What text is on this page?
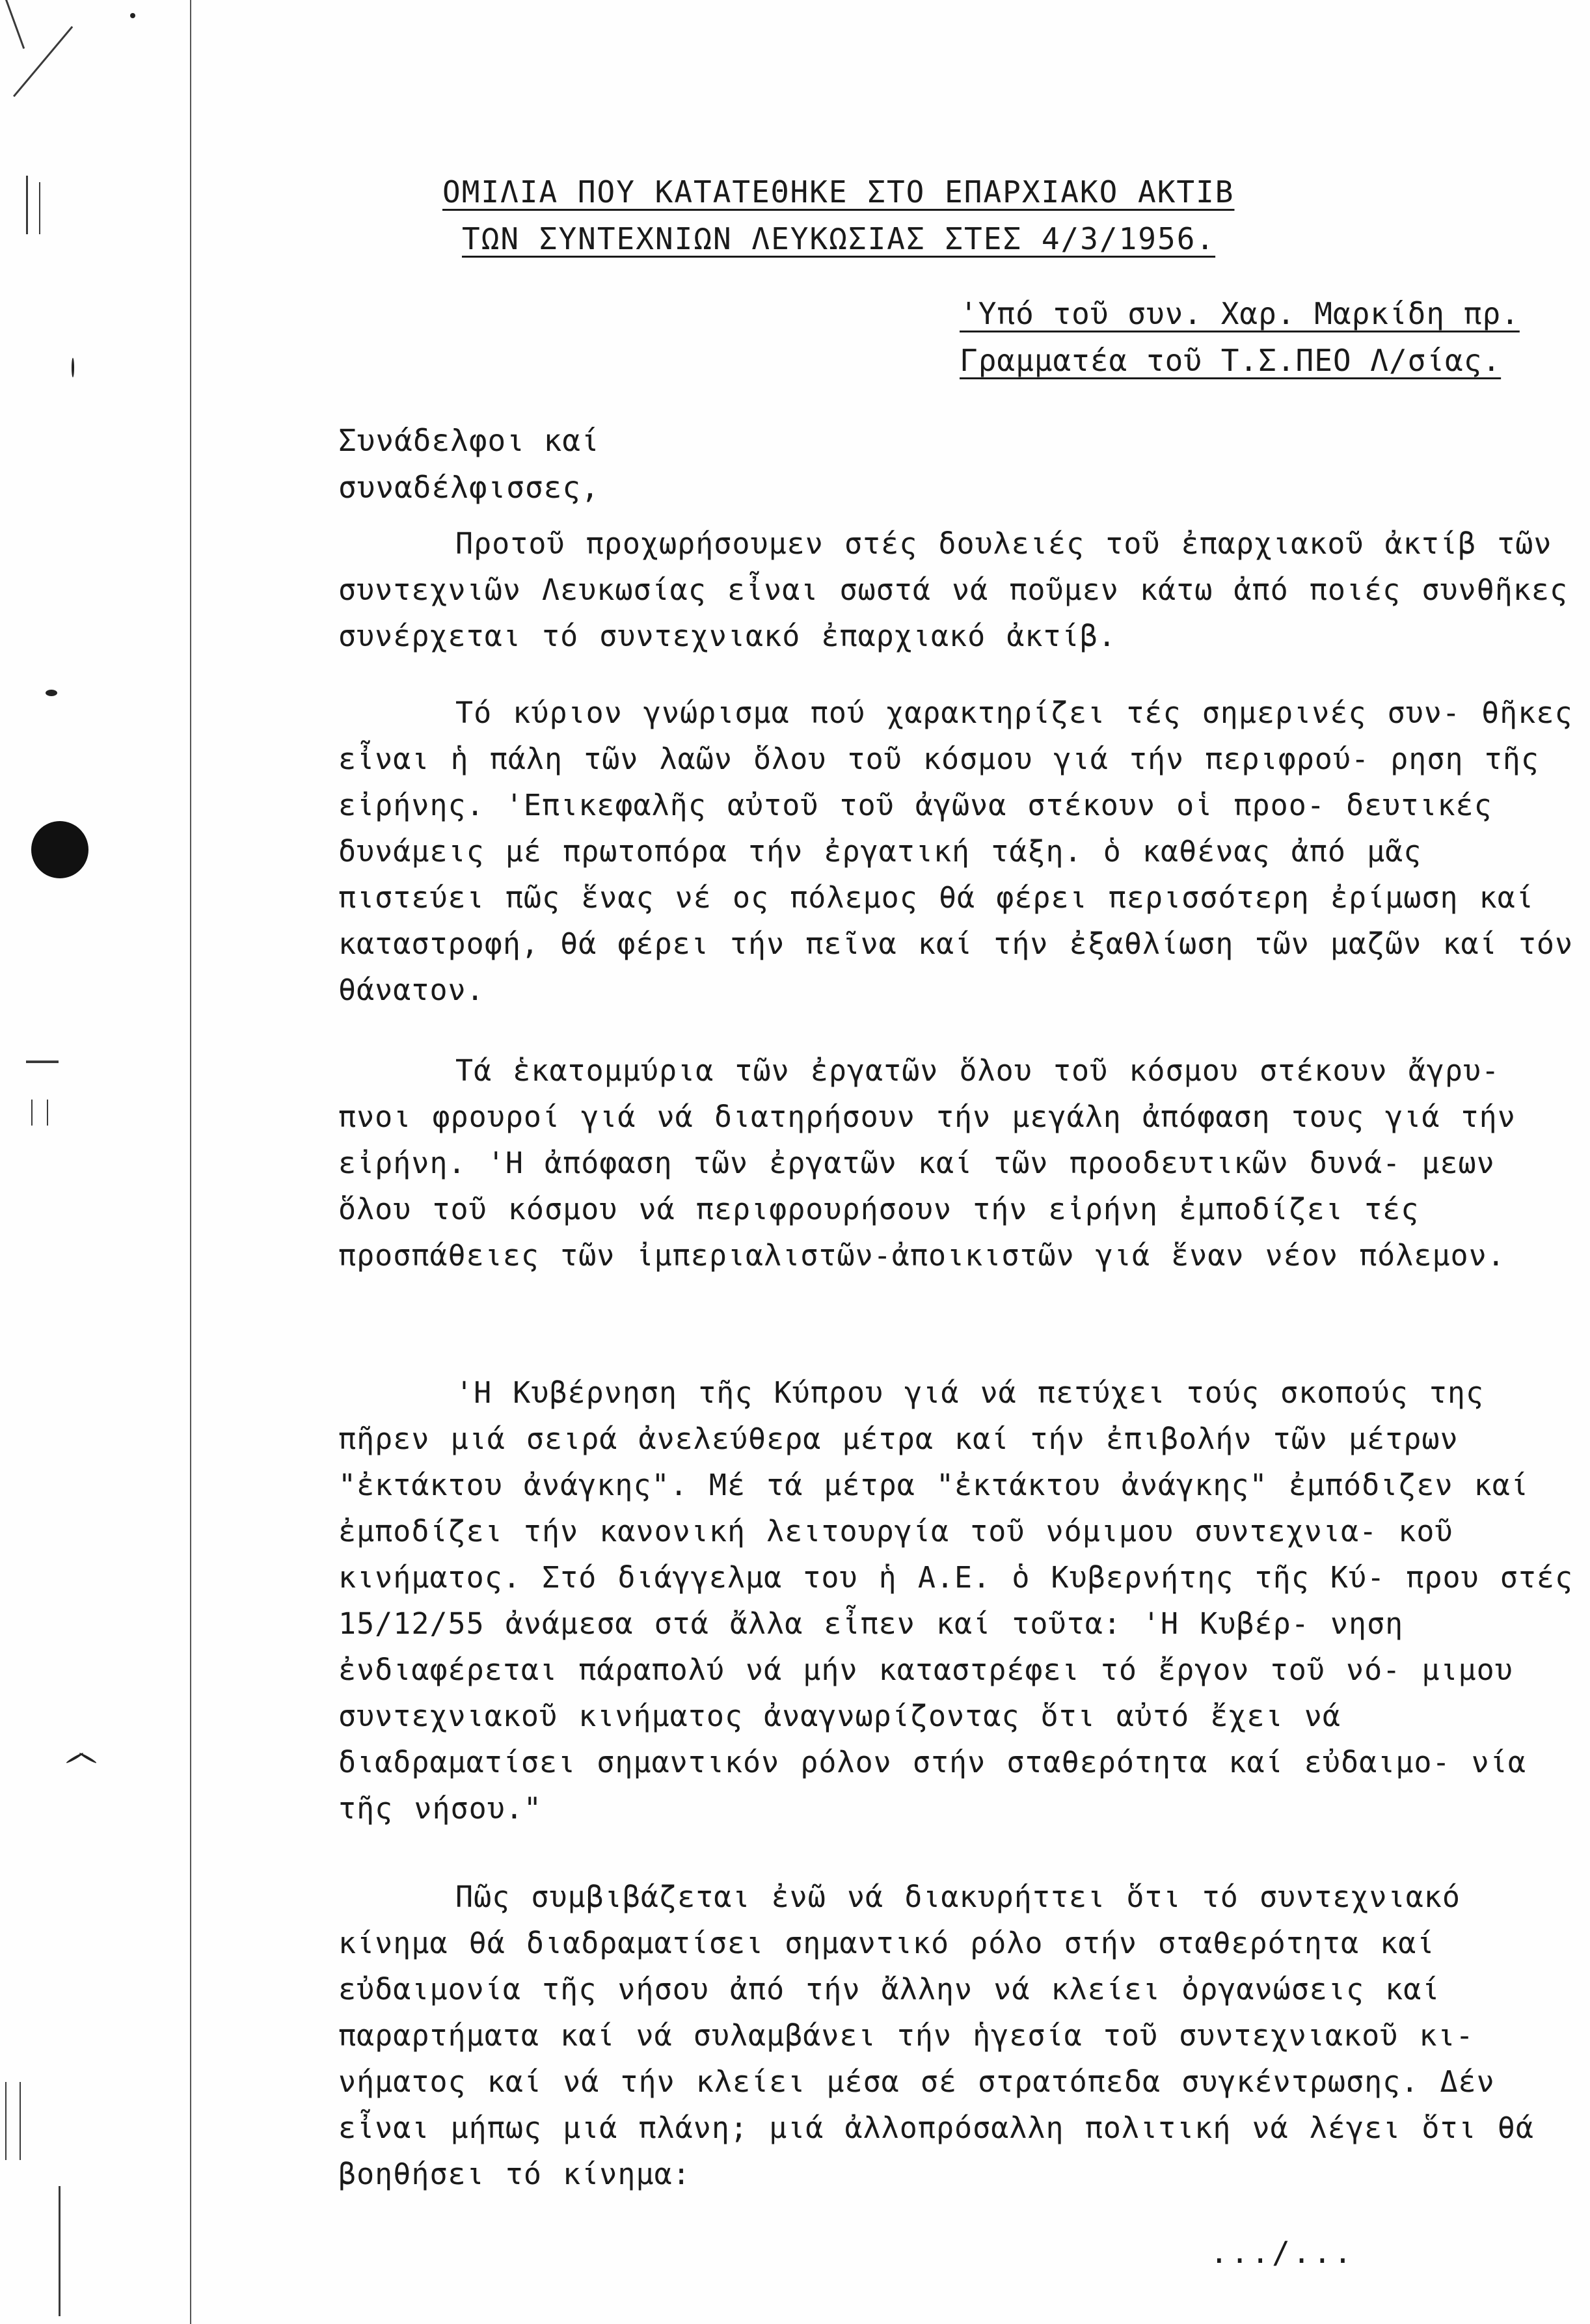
ΟΜΙΛΙΑ ΠΟΥ ΚΑΤΑΤΕΘΗΚΕ ΣΤΟ ΕΠΑΡΧΙΑΚΟ ΑΚΤΙΒ
ΤΩΝ ΣΥΝΤΕΧΝΙΩΝ ΛΕΥΚΩΣΙΑΣ ΣΤΕΣ 4/3/1956.
'Υπό τοῦ συν. Χαρ. Μαρκίδη πρ.
Γραμματέα τοῦ Τ.Σ.ΠΕΟ Λ/σίας.
Συνάδελφοι καί
συναδέλφισσες,

Προτοῦ προχωρήσουμεν στές δουλειές τοῦ ἐπαρχιακοῦ ἀκτίβ τῶν συντεχνιῶν Λευκωσίας εἶναι σωστά νά ποῦμεν κάτω ἀπό ποιές συνθῆκες συνέρχεται τό συντεχνιακό ἐπαρχιακό ἀκτίβ.

Τό κύριον γνώρισμα πού χαρακτηρίζει τές σημερινές συν- θῆκες εἶναι ἡ πάλη τῶν λαῶν ὅλου τοῦ κόσμου γιά τήν περιφρού- ρηση τῆς εἰρήνης. 'Επικεφαλῆς αὐτοῦ τοῦ ἀγῶνα στέκουν οἱ προο- δευτικές δυνάμεις μέ πρωτοπόρα τήν ἐργατική τάξη. ὁ καθένας ἀπό μᾶς πιστεύει πῶς ἕνας νέ ος πόλεμος θά φέρει περισσότερη ἐρίμωση καί καταστροφή, θά φέρει τήν πεῖνα καί τήν ἐξαθλίωση τῶν μαζῶν καί τόν θάνατον.

Τά ἑκατομμύρια τῶν ἐργατῶν ὅλου τοῦ κόσμου στέκουν ἄγρυ- πνοι φρουροί γιά νά διατηρήσουν τήν μεγάλη ἀπόφαση τους γιά τήν εἰρήνη. 'Η ἀπόφαση τῶν ἐργατῶν καί τῶν προοδευτικῶν δυνά- μεων ὅλου τοῦ κόσμου νά περιφρουρήσουν τήν εἰρήνη ἐμποδίζει τές προσπάθειες τῶν ἰμπεριαλιστῶν-ἀποικιστῶν γιά ἕναν νέον πόλεμον.

'Η Κυβέρνηση τῆς Κύπρου γιά νά πετύχει τούς σκοπούς της πῆρεν μιά σειρά ἀνελεύθερα μέτρα καί τήν ἐπιβολήν τῶν μέτρων "ἐκτάκτου ἀνάγκης". Μέ τά μέτρα "ἐκτάκτου ἀνάγκης" ἐμπόδιζεν καί ἐμποδίζει τήν κανονική λειτουργία τοῦ νόμιμου συντεχνια- κοῦ κινήματος. Στό διάγγελμα του ἡ Α.Ε. ὁ Κυβερνήτης τῆς Κύ- πρου στές 15/12/55 ἀνάμεσα στά ἄλλα εἶπεν καί τοῦτα: 'Η Κυβέρ- νηση ἐνδιαφέρεται πάραπολύ νά μήν καταστρέφει τό ἔργον τοῦ νό- μιμου συντεχνιακοῦ κινήματος ἀναγνωρίζοντας ὅτι αὐτό ἔχει νά διαδραματίσει σημαντικόν ρόλον στήν σταθερότητα καί εὐδαιμο- νία τῆς νήσου."

Πῶς συμβιβάζεται ἐνῶ νά διακυρήττει ὅτι τό συντεχνιακό κίνημα θά διαδραματίσει σημαντικό ρόλο στήν σταθερότητα καί εὐδαιμονία τῆς νήσου ἀπό τήν ἄλλην νά κλείει ὀργανώσεις καί παραρτήματα καί νά συλαμβάνει τήν ἡγεσία τοῦ συντεχνιακοῦ κι- νήματος καί νά τήν κλείει μέσα σέ στρατόπεδα συγκέντρωσης. Δέν εἶναι μήπως μιά πλάνη; μιά ἀλλοπρόσαλλη πολιτική νά λέγει ὅτι θά βοηθήσει τό κίνημα:

.../...
